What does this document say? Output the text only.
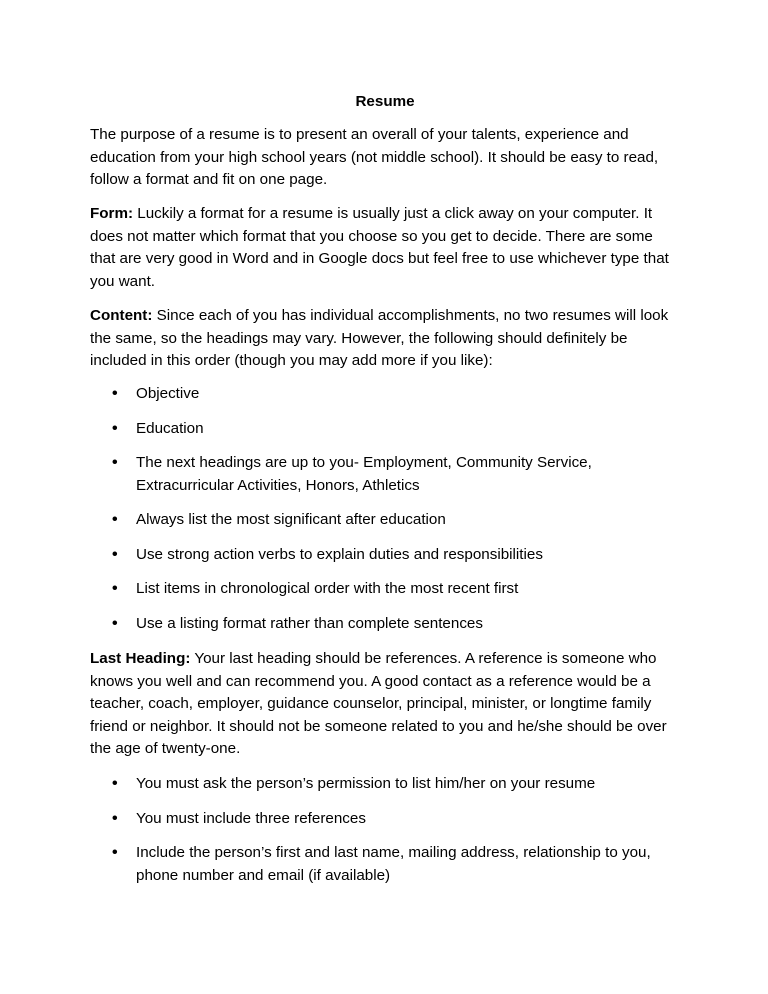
Resume

The purpose of a resume is to present an overall of your talents, experience and education from your high school years (not middle school). It should be easy to read, follow a format and fit on one page.

Form: Luckily a format for a resume is usually just a click away on your computer. It does not matter which format that you choose so you get to decide. There are some that are very good in Word and in Google docs but feel free to use whichever type that you want.

Content: Since each of you has individual accomplishments, no two resumes will look the same, so the headings may vary. However, the following should definitely be included in this order (though you may add more if you like):

• Objective
• Education
• The next headings are up to you- Employment, Community Service, Extracurricular Activities, Honors, Athletics
• Always list the most significant after education
• Use strong action verbs to explain duties and responsibilities
• List items in chronological order with the most recent first
• Use a listing format rather than complete sentences

Last Heading: Your last heading should be references. A reference is someone who knows you well and can recommend you. A good contact as a reference would be a teacher, coach, employer, guidance counselor, principal, minister, or longtime family friend or neighbor. It should not be someone related to you and he/she should be over the age of twenty-one.

• You must ask the person’s permission to list him/her on your resume
• You must include three references
• Include the person’s first and last name, mailing address, relationship to you, phone number and email (if available)
